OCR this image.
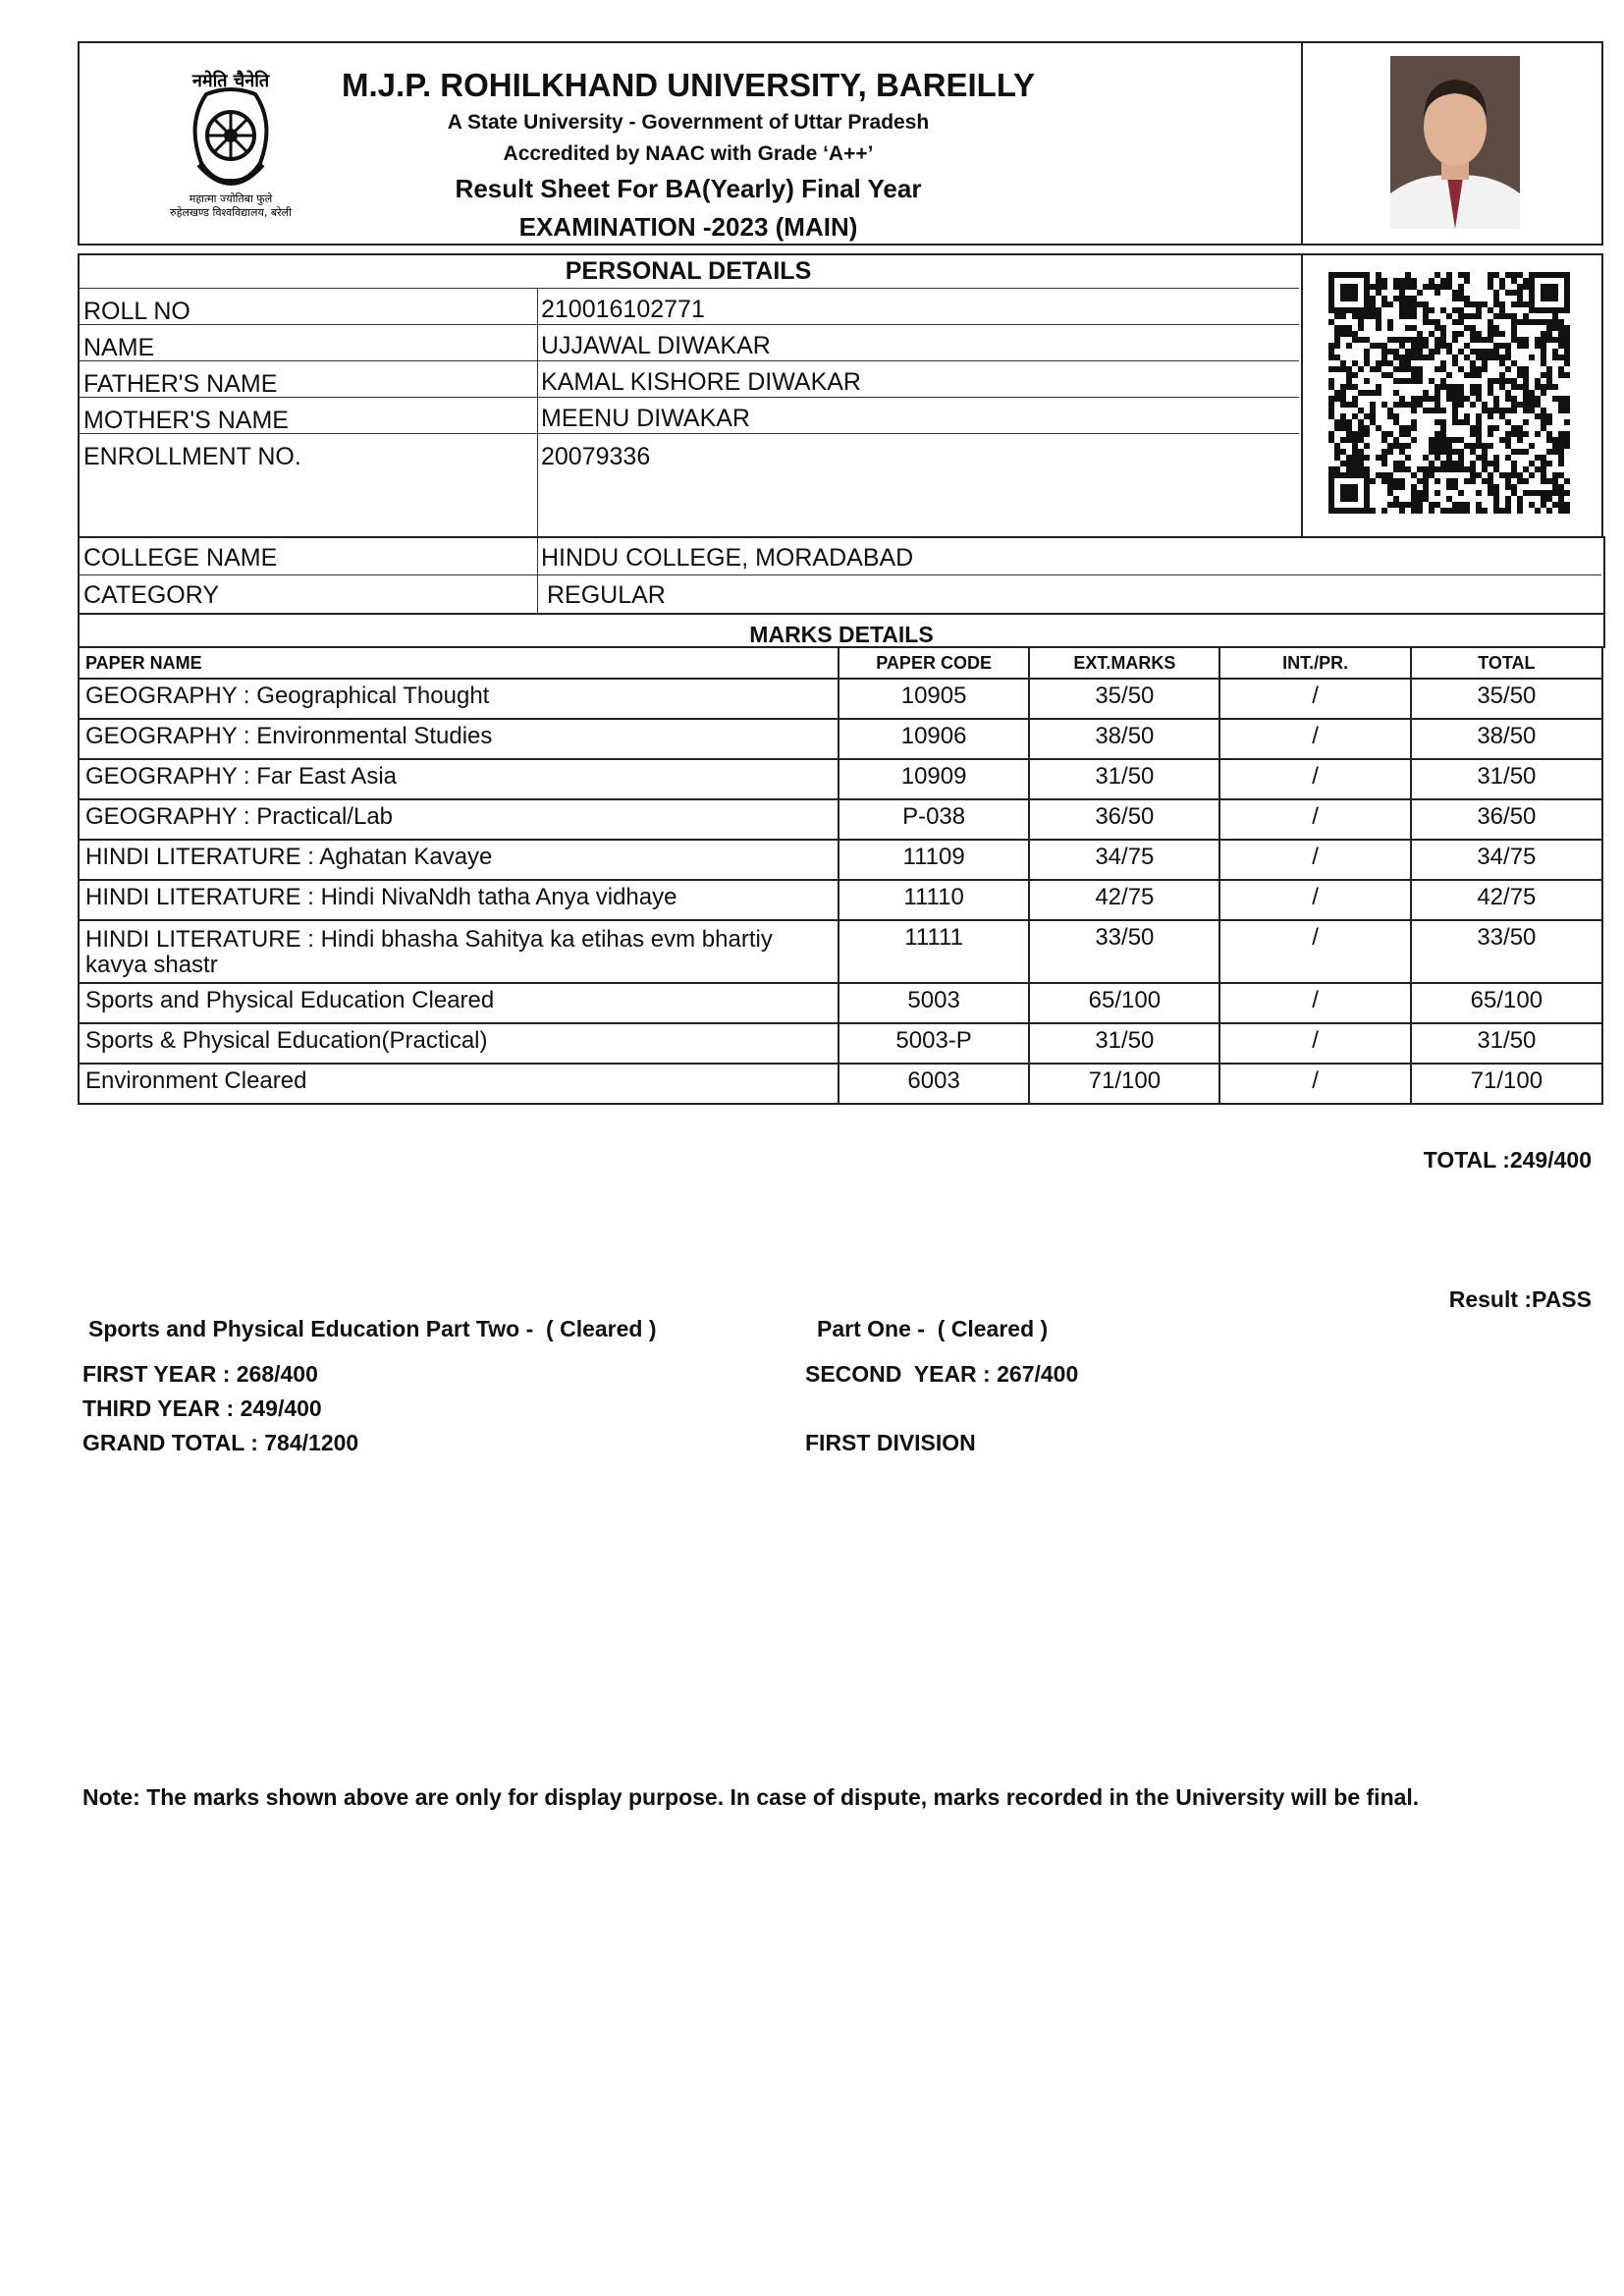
नमेति चैनेति
महात्मा ज्योतिबा फुले
रुहेलखण्ड विश्वविद्यालय, बरेली
M.J.P. ROHILKHAND UNIVERSITY, BAREILLY
A State University - Government of Uttar Pradesh
Accredited by NAAC with Grade ‘A++’
Result Sheet For BA(Yearly) Final Year
EXAMINATION -2023 (MAIN)
PERSONAL DETAILS
ROLL NO	210016102771
NAME	UJJAWAL DIWAKAR
FATHER'S NAME	KAMAL KISHORE DIWAKAR
MOTHER'S NAME	MEENU DIWAKAR
ENROLLMENT NO.	20079336
COLLEGE NAME	HINDU COLLEGE, MORADABAD
CATEGORY	REGULAR
MARKS DETAILS
PAPER NAME	PAPER CODE	EXT.MARKS	INT./PR.	TOTAL
GEOGRAPHY : Geographical Thought	10905	35/50	/	35/50
GEOGRAPHY : Environmental Studies	10906	38/50	/	38/50
GEOGRAPHY : Far East Asia	10909	31/50	/	31/50
GEOGRAPHY : Practical/Lab	P-038	36/50	/	36/50
HINDI LITERATURE : Aghatan Kavaye	11109	34/75	/	34/75
HINDI LITERATURE : Hindi NivaNdh tatha Anya vidhaye	11110	42/75	/	42/75
HINDI LITERATURE : Hindi bhasha Sahitya ka etihas evm bhartiy kavya shastr	11111	33/50	/	33/50
Sports and Physical Education Cleared	5003	65/100	/	65/100
Sports & Physical Education(Practical)	5003-P	31/50	/	31/50
Environment Cleared	6003	71/100	/	71/100
TOTAL :249/400
Result :PASS
Sports and Physical Education Part Two -  ( Cleared )	Part One -  ( Cleared )
FIRST YEAR : 268/400	SECOND  YEAR : 267/400
THIRD YEAR : 249/400
GRAND TOTAL : 784/1200	FIRST DIVISION
Note: The marks shown above are only for display purpose. In case of dispute, marks recorded in the University will be final.
